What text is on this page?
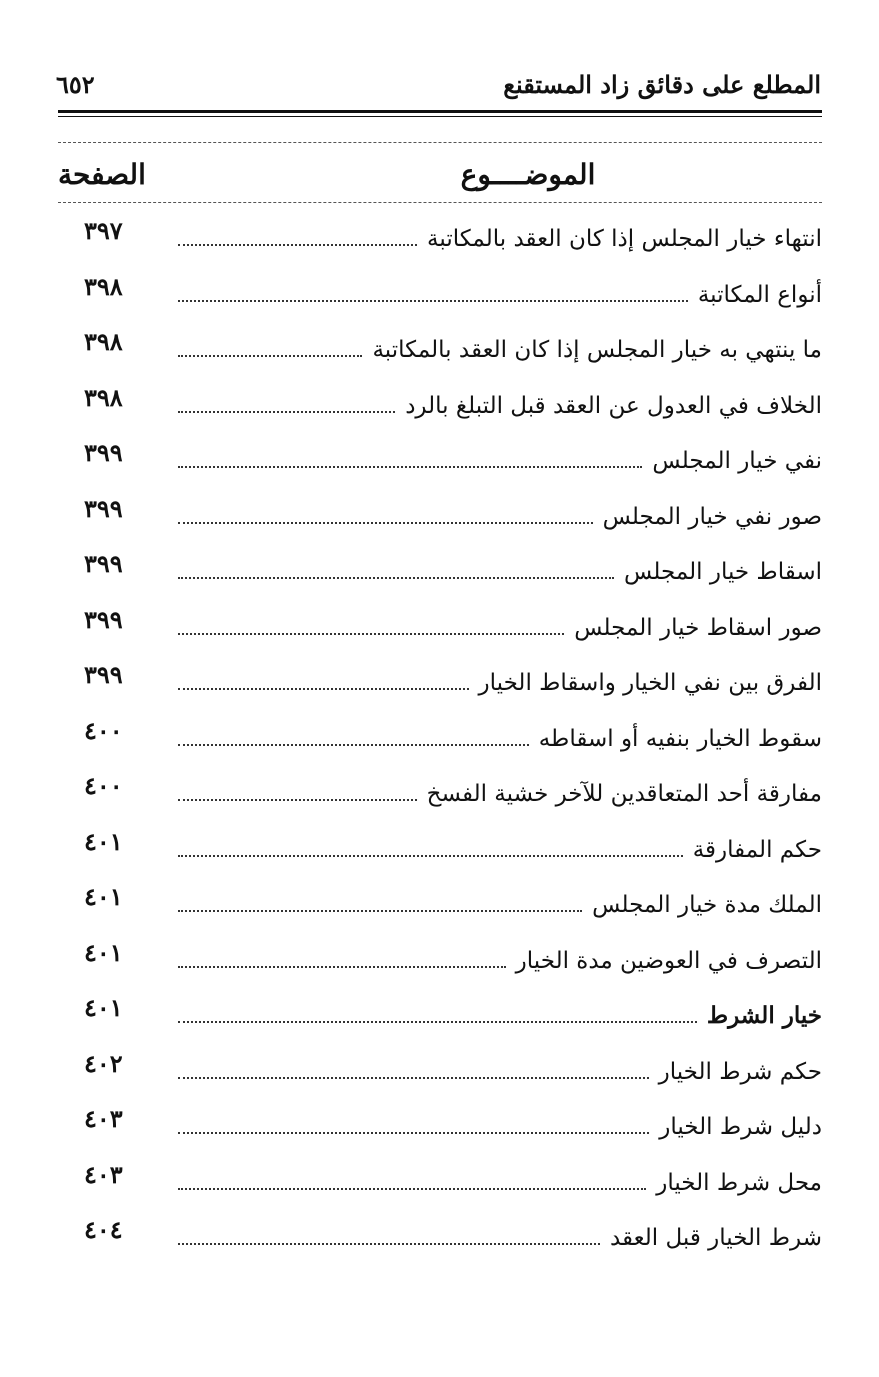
المطلع على دقائق زاد المستقنع
٦٥٢
الموضــــوع
الصفحة
٣٩٧	انتهاء خيار المجلس إذا كان العقد بالمكاتبة
٣٩٨	أنواع المكاتبة
٣٩٨	ما ينتهي به خيار المجلس إذا كان العقد بالمكاتبة
٣٩٨	الخلاف في العدول عن العقد قبل التبلغ بالرد
٣٩٩	نفي خيار المجلس
٣٩٩	صور نفي خيار المجلس
٣٩٩	اسقاط خيار المجلس
٣٩٩	صور اسقاط خيار المجلس
٣٩٩	الفرق بين نفي الخيار واسقاط الخيار
٤٠٠	سقوط الخيار بنفيه أو اسقاطه
٤٠٠	مفارقة أحد المتعاقدين للآخر خشية الفسخ
٤٠١	حكم المفارقة
٤٠١	الملك مدة خيار المجلس
٤٠١	التصرف في العوضين مدة الخيار
٤٠١	خيار الشرط
٤٠٢	حكم شرط الخيار
٤٠٣	دليل شرط الخيار
٤٠٣	محل شرط الخيار
٤٠٤	شرط الخيار قبل العقد
